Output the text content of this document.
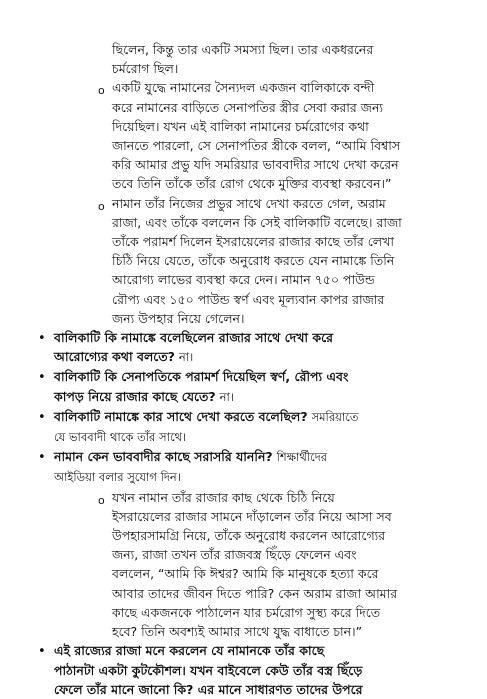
ছিলেন, কিন্তু তার একটি সমস্যা ছিল। তার একধরনের
চর্মরোগ ছিল।
o একটি যুদ্ধে নামানের সৈন্যদল একজন বালিকাকে বন্দী
করে নামানের বাড়িতে সেনাপতির স্ত্রীর সেবা করার জন্য
দিয়েছিল। যখন এই বালিকা নামানের চর্মরোগের কথা
জানতে পারলো, সে সেনাপতির স্ত্রীকে বলল, “আমি বিশ্বাস
করি আমার প্রভু যদি সমরিয়ার ভাববাদীর সাথে দেখা করেন
তবে তিনি তাঁকে তাঁর রোগ থেকে মুক্তির ব্যবস্থা করবেন।”
o নামান তাঁর নিজের প্রভুর সাথে দেখা করতে গেল, অরাম
রাজা, এবং তাঁকে বললেন কি সেই বালিকাটি বলেছে। রাজা
তাঁকে পরামর্শ দিলেন ইসরায়েলের রাজার কাছে তাঁর লেখা
চিঠি নিয়ে যেতে, তাঁকে অনুরোধ করতে যেন নামাঙ্কে তিনি
আরোগ্য লাভের ব্যবস্থা করে দেন। নামান ৭৫০ পাউন্ড
রৌপ্য এবং ১৫০ পাউন্ড স্বর্ণ এবং মূল্যবান কাপর রাজার
জন্য উপহার নিয়ে গেলেন।
• বালিকাটি কি নামাঙ্কে বলেছিলেন রাজার সাথে দেখা করে
আরোগ্যের কথা বলতে? না।
• বালিকাটি কি সেনাপতিকে পরামর্শ দিয়েছিল স্বর্ণ, রৌপ্য এবং
কাপড় নিয়ে রাজার কাছে যেতে? না।
• বালিকাটি নামাঙ্কে কার সাথে দেখা করতে বলেছিল? সমরিয়াতে
যে ভাববাদী থাকে তাঁর সাথে।
• নামান কেন ভাববাদীর কাছে সরাসরি যাননি? শিক্ষার্থীদের
আইডিয়া বলার সুযোগ দিন।
o যখন নামান তাঁর রাজার কাছ থেকে চিঠি নিয়ে
ইসরায়েলের রাজার সামনে দাঁড়ালেন তাঁর নিয়ে আসা সব
উপহারসামগ্রি নিয়ে, তাঁকে অনুরোধ করলেন আরোগ্যের
জন্য, রাজা তখন তাঁর রাজবস্ত্র ছিঁড়ে ফেলেন এবং
বললেন, “আমি কি ঈশ্বর? আমি কি মানুষকে হত্যা করে
আবার তাদের জীবন দিতে পারি? কেন অরাম রাজা আমার
কাছে একজনকে পাঠালেন যার চর্মরোগ সুস্থ্য করে দিতে
হবে? তিনি অবশ্যই আমার সাথে যুদ্ধ বাধাতে চান।”
• এই রাজ্যের রাজা মনে করলেন যে নামানকে তাঁর কাছে
পাঠানটা একটা কুটকৌশল। যখন বাইবেলে কেউ তাঁর বস্ত্র ছিঁড়ে
ফেলে তাঁর মানে জানো কি? এর মানে সাধারণত তাদের উপরে
